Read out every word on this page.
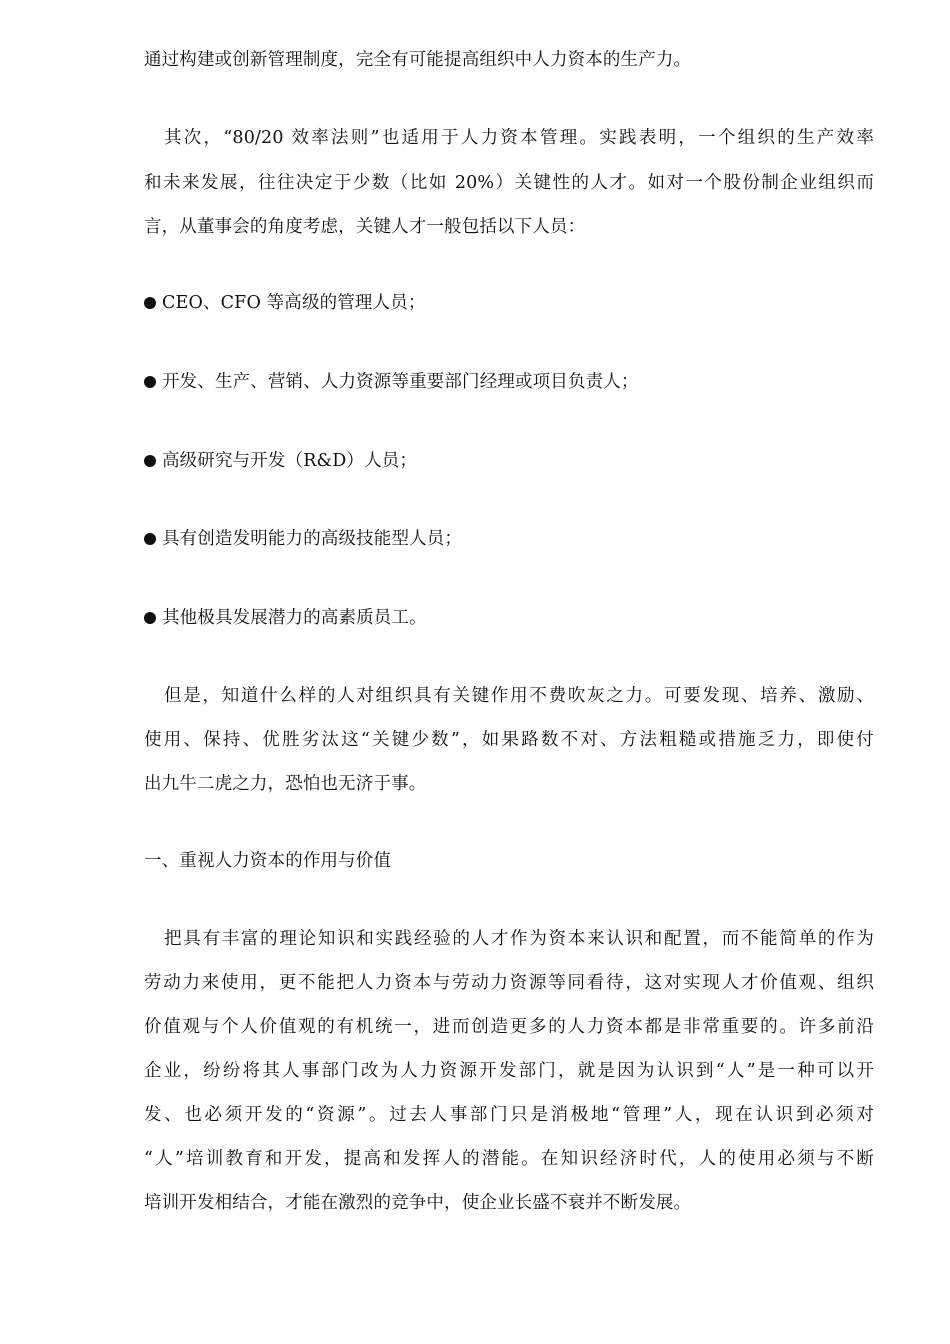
通过构建或创新管理制度，完全有可能提高组织中人力资本的生产力。
其次，“80/20 效率法则”也适用于人力资本管理。实践表明，一个组织的生产效率
和未来发展，往往决定于少数（比如 20%）关键性的人才。如对一个股份制企业组织而
言，从董事会的角度考虑，关键人才一般包括以下人员：
CEO、CFO 等高级的管理人员；
开发、生产、营销、人力资源等重要部门经理或项目负责人；
高级研究与开发（R&D）人员；
具有创造发明能力的高级技能型人员；
其他极具发展潜力的高素质员工。
但是，知道什么样的人对组织具有关键作用不费吹灰之力。可要发现、培养、激励、
使用、保持、优胜劣汰这“关键少数”，如果路数不对、方法粗糙或措施乏力，即使付
出九牛二虎之力，恐怕也无济于事。
一、重视人力资本的作用与价值
把具有丰富的理论知识和实践经验的人才作为资本来认识和配置，而不能简单的作为
劳动力来使用，更不能把人力资本与劳动力资源等同看待，这对实现人才价值观、组织
价值观与个人价值观的有机统一，进而创造更多的人力资本都是非常重要的。许多前沿
企业，纷纷将其人事部门改为人力资源开发部门，就是因为认识到“人”是一种可以开
发、也必须开发的“资源”。过去人事部门只是消极地“管理”人，现在认识到必须对
“人”培训教育和开发，提高和发挥人的潜能。在知识经济时代，人的使用必须与不断
培训开发相结合，才能在激烈的竞争中，使企业长盛不衰并不断发展。
